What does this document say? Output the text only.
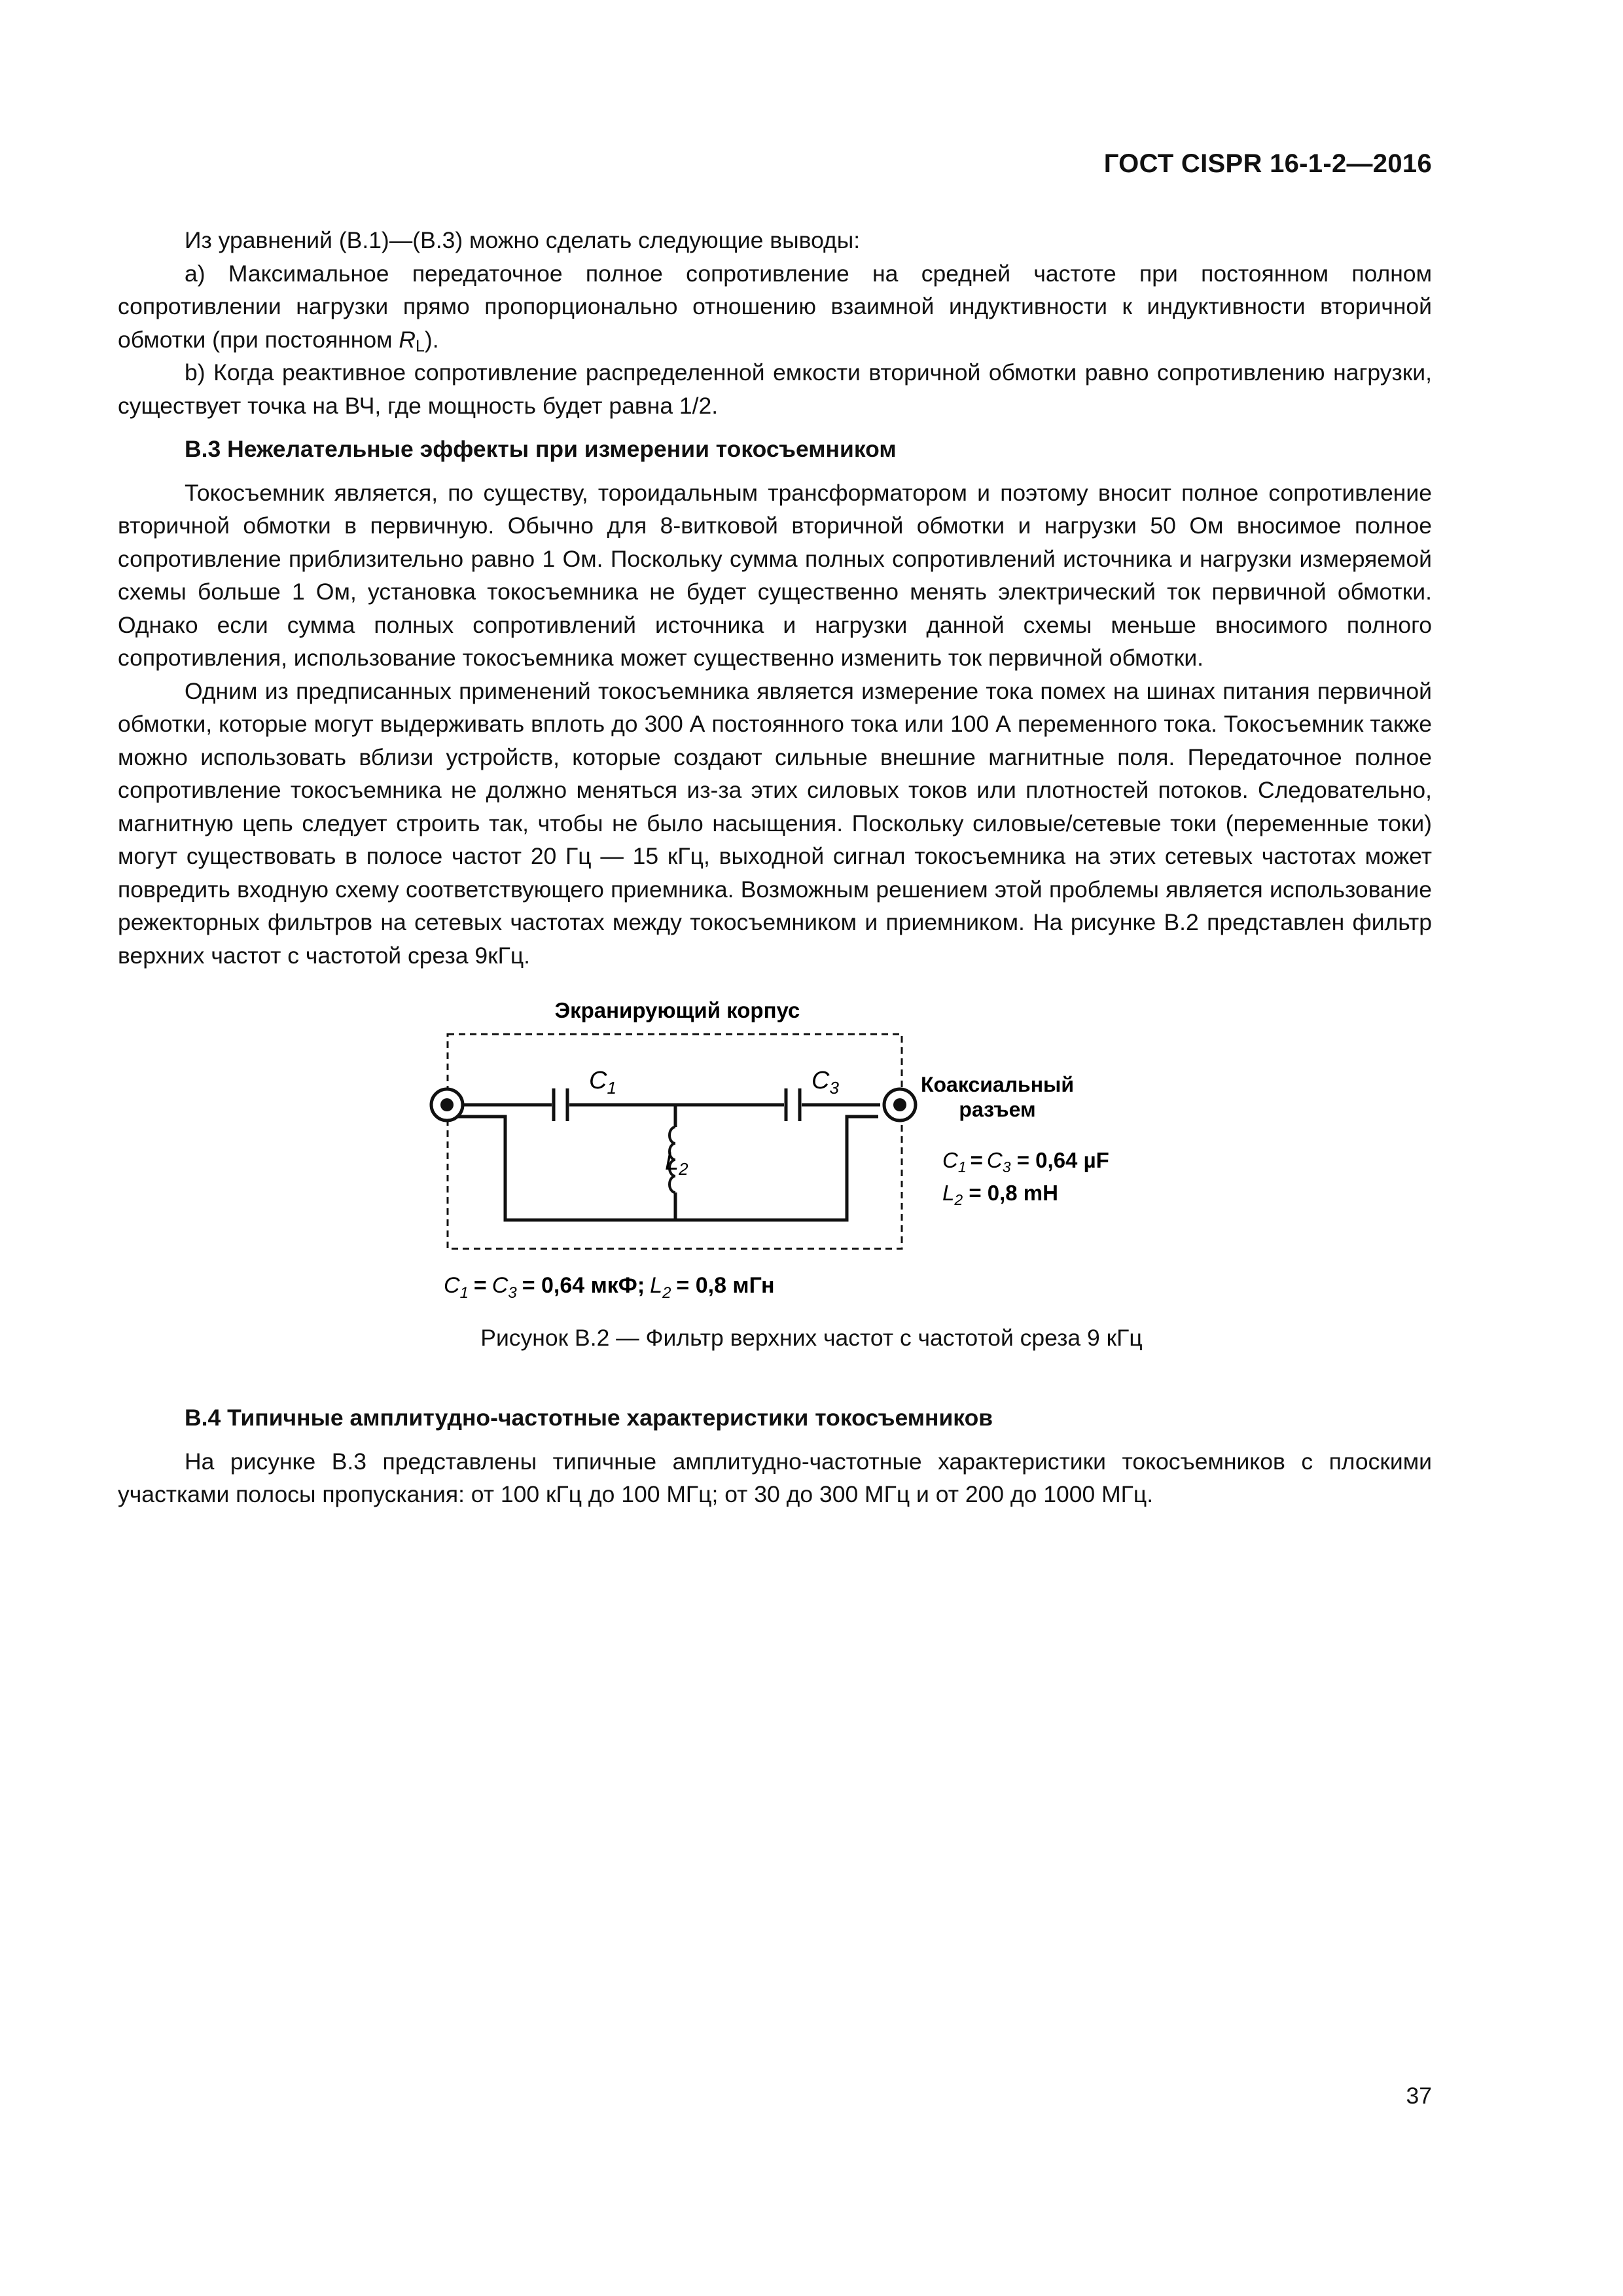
ГОСТ CISPR 16-1-2—2016

Из уравнений (B.1)—(B.3) можно сделать следующие выводы:

a) Максимальное передаточное полное сопротивление на средней частоте при постоянном полном сопротивлении нагрузки прямо пропорционально отношению взаимной индуктивности к индуктивности вторичной обмотки (при постоянном $R_L$).

b) Когда реактивное сопротивление распределенной емкости вторичной обмотки равно сопротивлению нагрузки, существует точка на ВЧ, где мощность будет равна 1/2.

В.3 Нежелательные эффекты при измерении токосъемником

Токосъемник является, по существу, тороидальным трансформатором и поэтому вносит полное сопротивление вторичной обмотки в первичную. Обычно для 8-витковой вторичной обмотки и нагрузки 50 Ом вносимое полное сопротивление приблизительно равно 1 Ом. Поскольку сумма полных сопротивлений источника и нагрузки измеряемой схемы больше 1 Ом, установка токосъемника не будет существенно менять электрический ток первичной обмотки. Однако если сумма полных сопротивлений источника и нагрузки данной схемы меньше вносимого полного сопротивления, использование токосъемника может существенно изменить ток первичной обмотки.

Одним из предписанных применений токосъемника является измерение тока помех на шинах питания первичной обмотки, которые могут выдерживать вплоть до 300 А постоянного тока или 100 А переменного тока. Токосъемник также можно использовать вблизи устройств, которые создают сильные внешние магнитные поля. Передаточное полное сопротивление токосъемника не должно меняться из-за этих силовых токов или плотностей потоков. Следовательно, магнитную цепь следует строить так, чтобы не было насыщения. Поскольку силовые/сетевые токи (переменные токи) могут существовать в полосе частот 20 Гц — 15 кГц, выходной сигнал токосъемника на этих сетевых частотах может повредить входную схему соответствующего приемника. Возможным решением этой проблемы является использование режекторных фильтров на сетевых частотах между токосъемником и приемником. На рисунке В.2 представлен фильтр верхних частот с частотой среза 9кГц.

Экранирующий корпус
$C_1$	$C_3$
$L_2$
Коаксиальный
разъем
$C_1 = C_3 = 0,64$ µF
$L_2 = 0,8$ mH
$C_1 = C_3 = 0,64$ мкФ; $L_2 = 0,8$ мГн
Рисунок В.2 — Фильтр верхних частот с частотой среза 9 кГц
В.4 Типичные амплитудно-частотные характеристики токосъемников

На рисунке В.3 представлены типичные амплитудно-частотные характеристики токосъемников с плоскими участками полосы пропускания: от 100 кГц до 100 МГц; от 30 до 300 МГц и от 200 до 1000 МГц.

37
